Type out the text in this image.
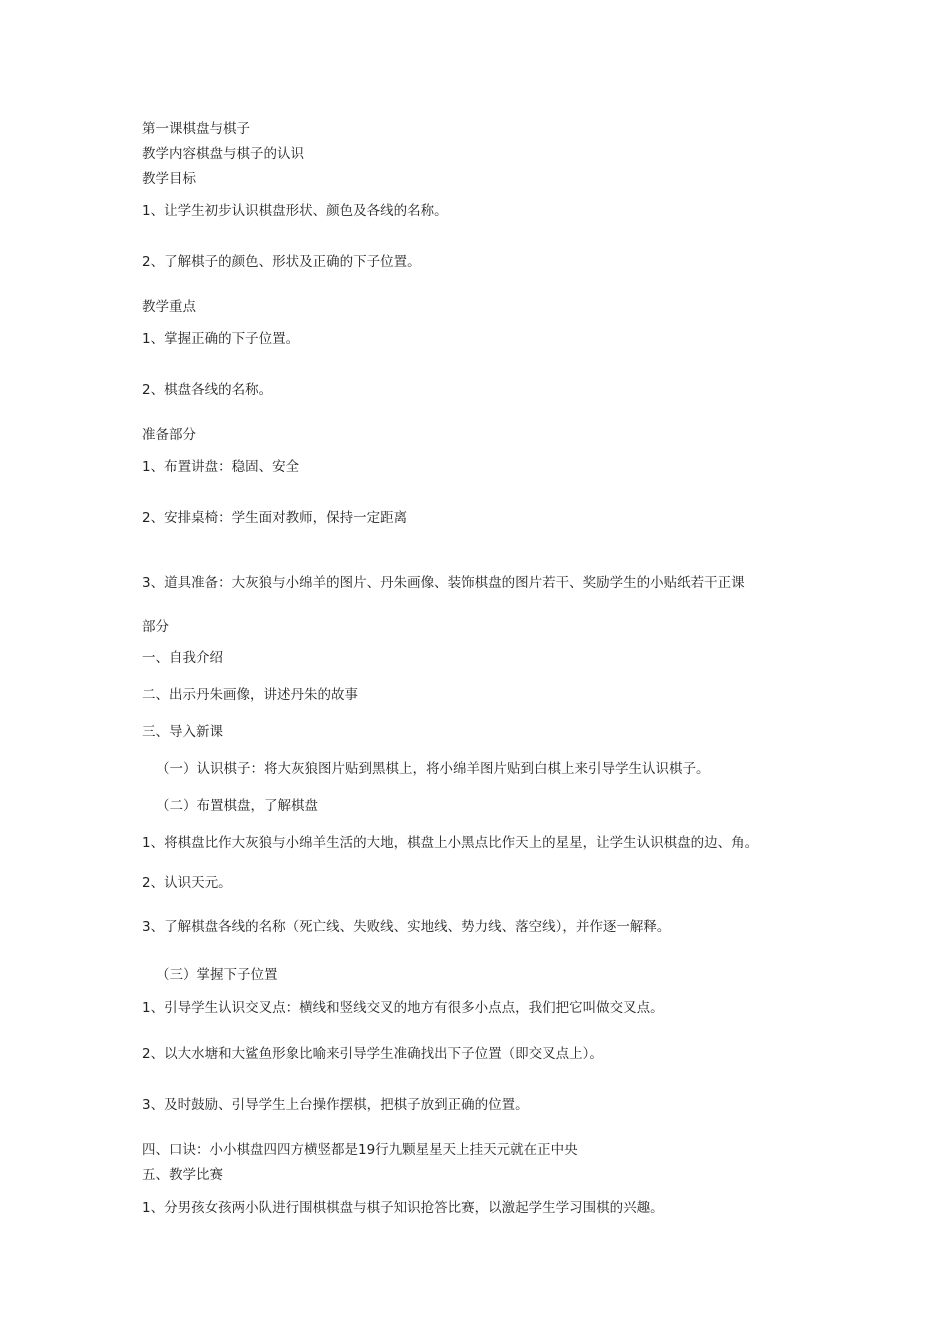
第一课棋盘与棋子
教学内容棋盘与棋子的认识
教学目标
1、让学生初步认识棋盘形状、颜色及各线的名称。
2、了解棋子的颜色、形状及正确的下子位置。
教学重点
1、掌握正确的下子位置。
2、棋盘各线的名称。
准备部分
1、布置讲盘：稳固、安全
2、安排桌椅：学生面对教师，保持一定距离
3、道具准备：大灰狼与小绵羊的图片、丹朱画像、装饰棋盘的图片若干、奖励学生的小贴纸若干正课
部分
一、自我介绍
二、出示丹朱画像，讲述丹朱的故事
三、导入新课
（一）认识棋子：将大灰狼图片贴到黑棋上，将小绵羊图片贴到白棋上来引导学生认识棋子。
（二）布置棋盘，了解棋盘
1、将棋盘比作大灰狼与小绵羊生活的大地，棋盘上小黑点比作天上的星星，让学生认识棋盘的边、角。
2、认识天元。
3、了解棋盘各线的名称（死亡线、失败线、实地线、势力线、落空线），并作逐一解释。
（三）掌握下子位置
1、引导学生认识交叉点：横线和竖线交叉的地方有很多小点点，我们把它叫做交叉点。
2、以大水塘和大鲨鱼形象比喻来引导学生准确找出下子位置（即交叉点上）。
3、及时鼓励、引导学生上台操作摆棋，把棋子放到正确的位置。
四、口诀：小小棋盘四四方横竖都是19行九颗星星天上挂天元就在正中央
五、教学比赛
1、分男孩女孩两小队进行围棋棋盘与棋子知识抢答比赛，以激起学生学习围棋的兴趣。
